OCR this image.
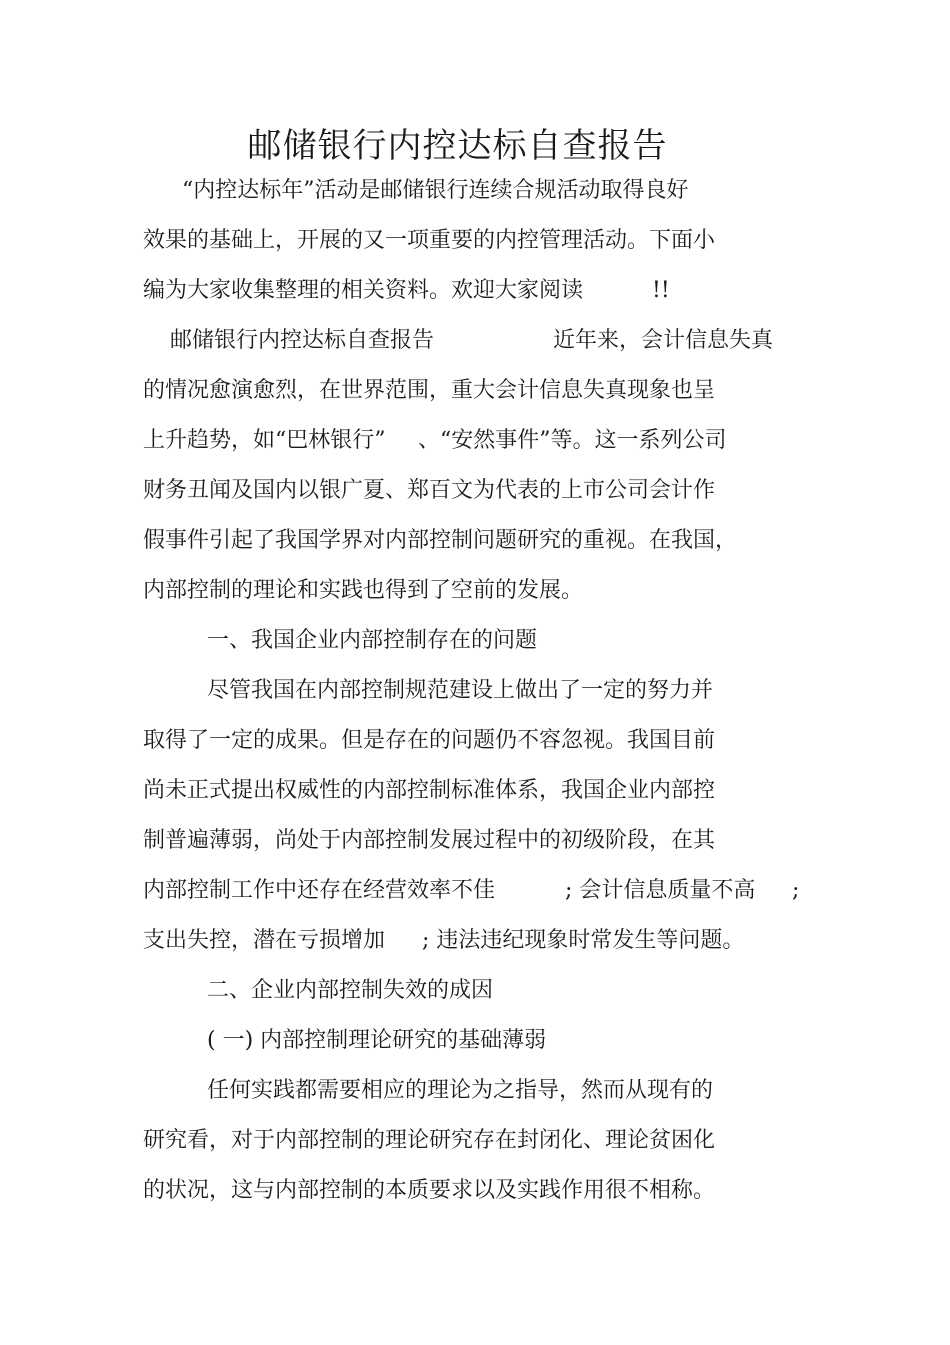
邮储银行内控达标自查报告
“内控达标年”活动是邮储银行连续合规活动取得良好
效果的基础上，开展的又一项重要的内控管理活动。下面小
编为大家收集整理的相关资料。欢迎大家阅读	!!
邮储银行内控达标自查报告	近年来，会计信息失真
的情况愈演愈烈，在世界范围，重大会计信息失真现象也呈
上升趋势，如“巴林银行” 、“安然事件”等。这一系列公司
财务丑闻及国内以银广夏、郑百文为代表的上市公司会计作
假事件引起了我国学界对内部控制问题研究的重视。在我国，
内部控制的理论和实践也得到了空前的发展。
一、我国企业内部控制存在的问题
尽管我国在内部控制规范建设上做出了一定的努力并
取得了一定的成果。但是存在的问题仍不容忽视。我国目前
尚未正式提出权威性的内部控制标准体系，我国企业内部控
制普遍薄弱，尚处于内部控制发展过程中的初级阶段，在其
内部控制工作中还存在经营效率不佳	; 会计信息质量不高 ;
支出失控，潜在亏损增加 ; 违法违纪现象时常发生等问题。
二、企业内部控制失效的成因
( 一) 内部控制理论研究的基础薄弱
任何实践都需要相应的理论为之指导，然而从现有的
研究看，对于内部控制的理论研究存在封闭化、理论贫困化
的状况，这与内部控制的本质要求以及实践作用很不相称。
